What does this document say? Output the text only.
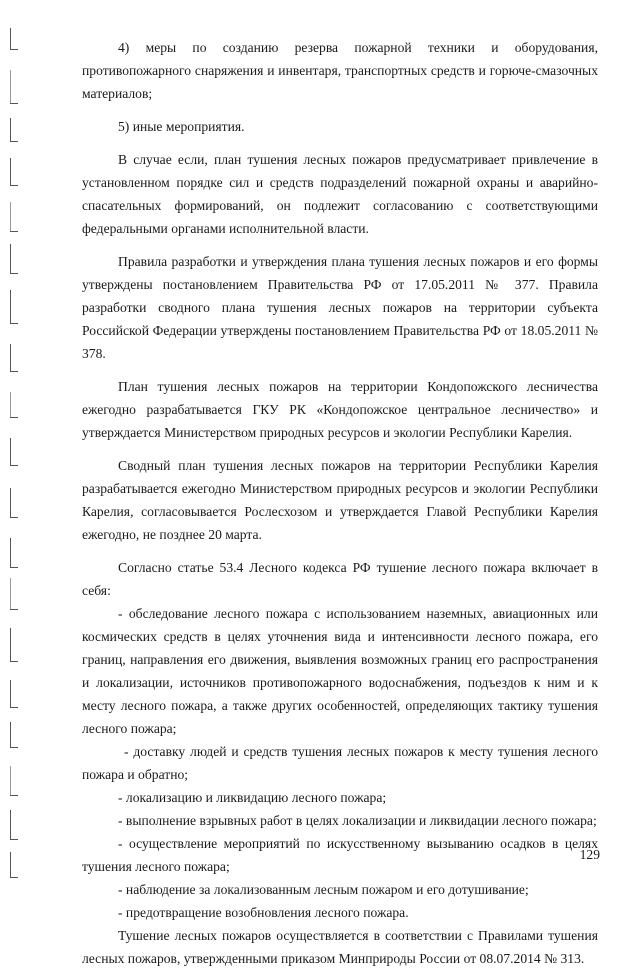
4) меры по созданию резерва пожарной техники и оборудования, противопожарного снаряжения и инвентаря, транспортных средств и горюче-смазочных материалов;

5) иные мероприятия.

В случае если, план тушения лесных пожаров предусматривает привлечение в установленном порядке сил и средств подразделений пожарной охраны и аварийно-спасательных формирований, он подлежит согласованию с соответствующими федеральными органами исполнительной власти.

Правила разработки и утверждения плана тушения лесных пожаров и его формы утверждены постановлением Правительства РФ от 17.05.2011 № 377. Правила разработки сводного плана тушения лесных пожаров на территории субъекта Российской Федерации утверждены постановлением Правительства РФ от 18.05.2011 № 378.

План тушения лесных пожаров на территории Кондопожского лесничества ежегодно разрабатывается ГКУ РК «Кондопожское центральное лесничество» и утверждается Министерством природных ресурсов и экологии Республики Карелия.

Сводный план тушения лесных пожаров на территории Республики Карелия разрабатывается ежегодно Министерством природных ресурсов и экологии Республики Карелия, согласовывается Рослесхозом и утверждается Главой Республики Карелия ежегодно, не позднее 20 марта.

Согласно статье 53.4 Лесного кодекса РФ тушение лесного пожара включает в себя:

- обследование лесного пожара с использованием наземных, авиационных или космических средств в целях уточнения вида и интенсивности лесного пожара, его границ, направления его движения, выявления возможных границ его распространения и локализации, источников противопожарного водоснабжения, подъездов к ним и к месту лесного пожара, а также других особенностей, определяющих тактику тушения лесного пожара;

- доставку людей и средств тушения лесных пожаров к месту тушения лесного пожара и обратно;

- локализацию и ликвидацию лесного пожара;

- выполнение взрывных работ в целях локализации и ликвидации лесного пожара;

- осуществление мероприятий по искусственному вызыванию осадков в целях тушения лесного пожара;

- наблюдение за локализованным лесным пожаром и его дотушивание;

- предотвращение возобновления лесного пожара.

Тушение лесных пожаров осуществляется в соответствии с Правилами тушения лесных пожаров, утвержденными приказом Минприроды России от 08.07.2014 № 313.

129
